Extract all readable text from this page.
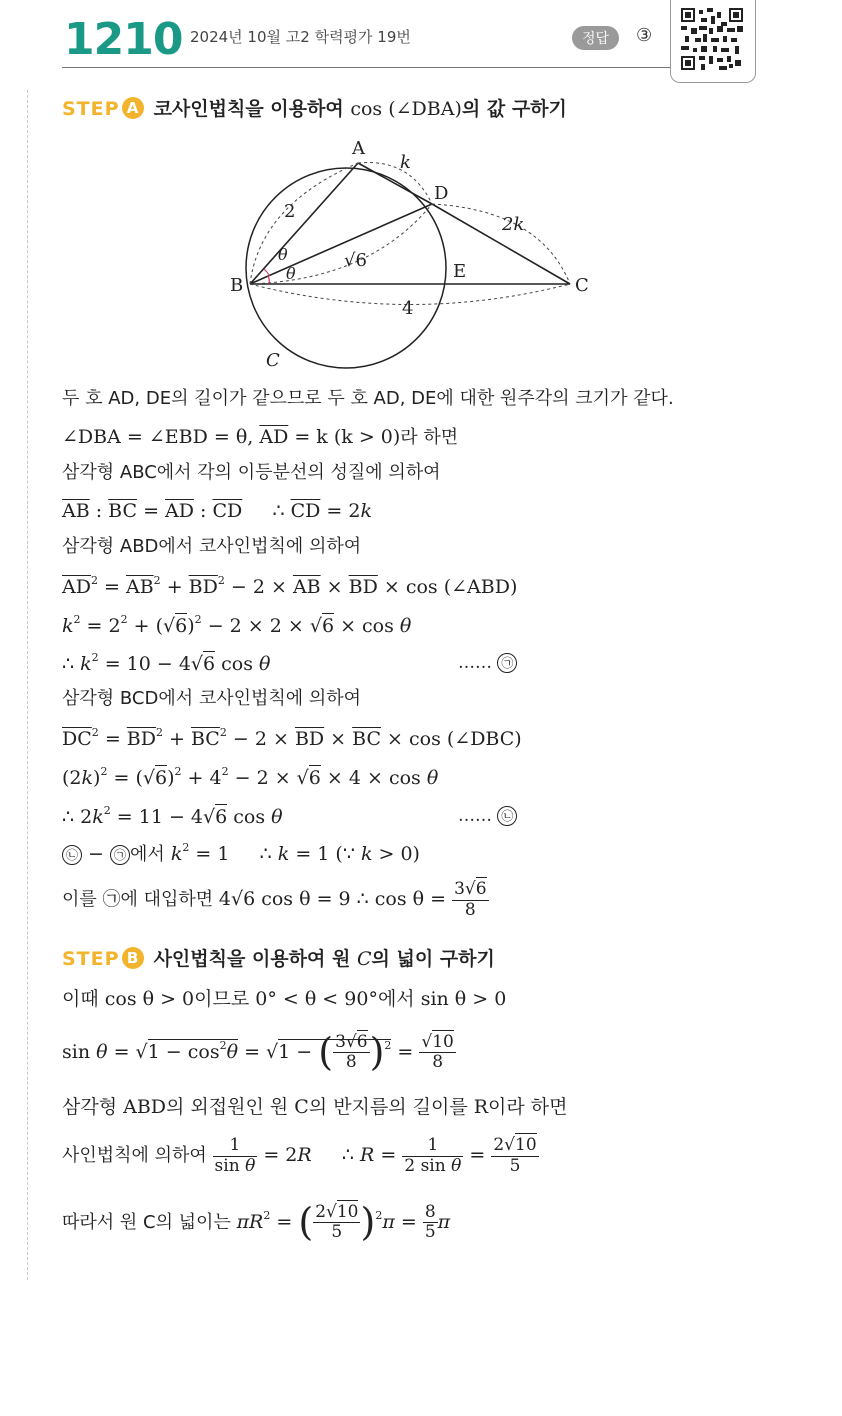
1210 2024년 10월 고2 학력평가 19번	정답	③
STEP A 코사인법칙을 이용하여 cos (∠DBA)의 값 구하기
A
D
B
E
C
C
2
k
2k
√6
4
θ
θ
두 호 AD, DE의 길이가 같으므로 두 호 AD, DE에 대한 원주각의 크기가 같다.
∠DBA = ∠EBD = θ, $\overline{AD} = k$ (k > 0)라 하면
삼각형 ABC에서 각의 이등분선의 성질에 의하여
$\overline{AB}$ : $\overline{BC} = \overline{AD}$ : $\overline{CD}$     ∴ $\overline{CD} = 2k$
삼각형 ABD에서 코사인법칙에 의하여
$\overline{AD}^2 = \overline{AB}^2 + \overline{BD}^2 - 2 \times \overline{AB} \times \overline{BD} \times \cos$ (∠ABD)
$k^2 = 2^2 + (√6)^2 - 2 \times 2 \times √6 \times \cos \theta$
∴ $k^2 = 10 - 4√6$ cos θ	…… ㉠
삼각형 BCD에서 코사인법칙에 의하여
$\overline{DC}^2 = \overline{BD}^2 + \overline{BC}^2 - 2 \times \overline{BD} \times \overline{BC} \times \cos$ (∠DBC)
$(2k)^2 = (√6)^2 + 4^2 - 2 \times √6 \times 4 \times \cos \theta$
∴ $2k^2 = 11 - 4√6$ cos θ	…… ㉡
㉡ − ㉠ 에서 $k^2 = 1$     ∴ k = 1 (∵ k > 0)
이를 ㉠에 대입하면 4√6 cos θ = 9 ∴ $\cos \theta = \frac{3√6}{8}$
STEP B 사인법칙을 이용하여 원 C의 넓이 구하기
이때 cos θ > 0이므로 0° < θ < 90°에서 sin θ > 0
$\sin \theta = √1 - \cos^2\theta = √1$ − ( $\frac{3√6}{8} )^2 = \frac{√10}{8}$
삼각형 ABD의 외접원인 원 C의 반지름의 길이를 R이라 하면
사인법칙에 의하여 $\frac{1}{\text{sin θ}} = 2R$     ∴ $R = \frac{1}{\text{2 sin θ}} = \frac{2√10}{5}$
따라서 원 C의 넓이는 $\pi R^2$ = ( $\frac{2√10}{5} )^2\pi = \frac{8}{5}$ π
